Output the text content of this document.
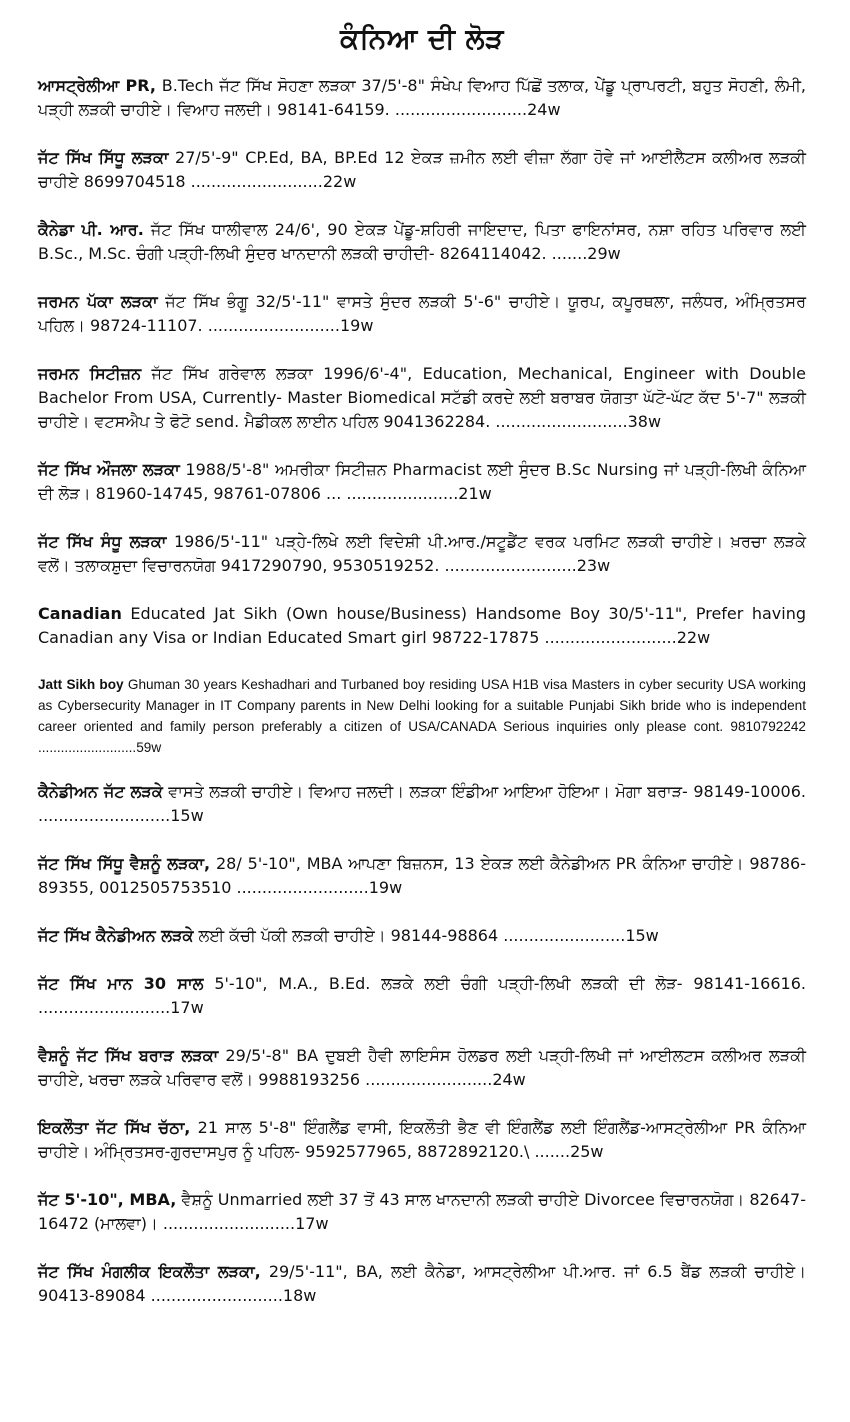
ਕੰਨਿਆ ਦੀ ਲੋੜ
ਆਸਟ੍ਰੇਲੀਆ PR, B.Tech ਜੱਟ ਸਿੱਖ ਸੋਹਣਾ ਲੜਕਾ 37/5'-8" ਸੰਖੇਪ ਵਿਆਹ ਪਿੱਛੋਂ ਤਲਾਕ, ਪੇਂਡੂ ਪ੍ਰਾਪਰਟੀ, ਬਹੁਤ ਸੋਹਣੀ, ਲੰਮੀ, ਪੜ੍ਹੀ ਲੜਕੀ ਚਾਹੀਏ। ਵਿਆਹ ਜਲਦੀ। 98141-64159. ..........................24w
ਜੱਟ ਸਿੱਖ ਸਿੱਧੂ ਲੜਕਾ 27/5'-9" CP.Ed, BA, BP.Ed 12 ਏਕੜ ਜ਼ਮੀਨ ਲਈ ਵੀਜ਼ਾ ਲੱਗਾ ਹੋਵੇ ਜਾਂ ਆਈਲੈਟਸ ਕਲੀਅਰ ਲੜਕੀ ਚਾਹੀਏ 8699704518 ..........................22w
ਕੈਨੇਡਾ ਪੀ. ਆਰ. ਜੱਟ ਸਿੱਖ ਧਾਲੀਵਾਲ 24/6', 90 ਏਕੜ ਪੇਂਡੂ-ਸ਼ਹਿਰੀ ਜਾਇਦਾਦ, ਪਿਤਾ ਫਾਇਨਾਂਸਰ, ਨਸ਼ਾ ਰਹਿਤ ਪਰਿਵਾਰ ਲਈ B.Sc., M.Sc. ਚੰਗੀ ਪੜ੍ਹੀ-ਲਿਖੀ ਸੁੰਦਰ ਖਾਨਦਾਨੀ ਲੜਕੀ ਚਾਹੀਦੀ- 8264114042. .......29w
ਜਰਮਨ ਪੱਕਾ ਲੜਕਾ ਜੱਟ ਸਿੱਖ ਭੰਗੂ 32/5'-11" ਵਾਸਤੇ ਸੁੰਦਰ ਲੜਕੀ 5'-6" ਚਾਹੀਏ। ਯੂਰਪ, ਕਪੂਰਥਲਾ, ਜਲੰਧਰ, ਅੰਮ੍ਰਿਤਸਰ ਪਹਿਲ। 98724-11107. ..........................19w
ਜਰਮਨ ਸਿਟੀਜ਼ਨ ਜੱਟ ਸਿੱਖ ਗਰੇਵਾਲ ਲੜਕਾ 1996/6'-4", Education, Mechanical, Engineer with Double Bachelor From USA, Currently- Master Biomedical ਸਟੱਡੀ ਕਰਦੇ ਲਈ ਬਰਾਬਰ ਯੋਗਤਾ ਘੱਟੋ-ਘੱਟ ਕੱਦ 5'-7" ਲੜਕੀ ਚਾਹੀਏ। ਵਟਸਐਪ ਤੇ ਫੋਟੋ send. ਮੈਡੀਕਲ ਲਾਈਨ ਪਹਿਲ 9041362284. ..........................38w
ਜੱਟ ਸਿੱਖ ਔਜਲਾ ਲੜਕਾ 1988/5'-8" ਅਮਰੀਕਾ ਸਿਟੀਜ਼ਨ Pharmacist ਲਈ ਸੁੰਦਰ B.Sc Nursing ਜਾਂ ਪੜ੍ਹੀ-ਲਿਖੀ ਕੰਨਿਆ ਦੀ ਲੋੜ। 81960-14745, 98761-07806 ... ......................21w
ਜੱਟ ਸਿੱਖ ਸੰਧੂ ਲੜਕਾ 1986/5'-11" ਪੜ੍ਹੇ-ਲਿਖੇ ਲਈ ਵਿਦੇਸ਼ੀ ਪੀ.ਆਰ./ਸਟੂਡੈਂਟ ਵਰਕ ਪਰਮਿਟ ਲੜਕੀ ਚਾਹੀਏ। ਖ਼ਰਚਾ ਲੜਕੇ ਵਲੋਂ। ਤਲਾਕਸ਼ੁਦਾ ਵਿਚਾਰਨਯੋਗ 9417290790, 9530519252. ..........................23w
Canadian Educated Jat Sikh (Own house/Business) Handsome Boy 30/5'-11", Prefer having Canadian any Visa or Indian Educated Smart girl 98722-17875 ..........................22w
Jatt Sikh boy Ghuman 30 years Keshadhari and Turbaned boy residing USA H1B visa Masters in cyber security USA working as Cybersecurity Manager in IT Company parents in New Delhi looking for a suitable Punjabi Sikh bride who is independent career oriented and family person preferably a citizen of USA/CANADA Serious inquiries only please cont. 9810792242 ..........................59w
ਕੈਨੇਡੀਅਨ ਜੱਟ ਲੜਕੇ ਵਾਸਤੇ ਲੜਕੀ ਚਾਹੀਏ। ਵਿਆਹ ਜਲਦੀ। ਲੜਕਾ ਇੰਡੀਆ ਆਇਆ ਹੋਇਆ। ਮੋਗਾ ਬਰਾੜ- 98149-10006. ..........................15w
ਜੱਟ ਸਿੱਖ ਸਿੱਧੂ ਵੈਸ਼ਨੂੰ ਲੜਕਾ, 28/ 5'-10", MBA ਆਪਣਾ ਬਿਜ਼ਨਸ, 13 ਏਕੜ ਲਈ ਕੈਨੇਡੀਅਨ PR ਕੰਨਿਆ ਚਾਹੀਏ। 98786-89355, 0012505753510 ..........................19w
ਜੱਟ ਸਿੱਖ ਕੈਨੇਡੀਅਨ ਲੜਕੇ ਲਈ ਕੱਚੀ ਪੱਕੀ ਲੜਕੀ ਚਾਹੀਏ। 98144-98864 ........................15w
ਜੱਟ ਸਿੱਖ ਮਾਨ 30 ਸਾਲ 5'-10", M.A., B.Ed. ਲੜਕੇ ਲਈ ਚੰਗੀ ਪੜ੍ਹੀ-ਲਿਖੀ ਲੜਕੀ ਦੀ ਲੋੜ- 98141-16616. ..........................17w
ਵੈਸ਼ਨੂੰ ਜੱਟ ਸਿੱਖ ਬਰਾੜ ਲੜਕਾ 29/5'-8" BA ਦੁਬਈ ਹੈਵੀ ਲਾਇਸੰਸ ਹੋਲਡਰ ਲਈ ਪੜ੍ਹੀ-ਲਿਖੀ ਜਾਂ ਆਈਲਟਸ ਕਲੀਅਰ ਲੜਕੀ ਚਾਹੀਏ, ਖਰਚਾ ਲੜਕੇ ਪਰਿਵਾਰ ਵਲੋਂ। 9988193256 .........................24w
ਇਕਲੌਤਾ ਜੱਟ ਸਿੱਖ ਚੱਠਾ, 21 ਸਾਲ 5'-8" ਇੰਗਲੈਂਡ ਵਾਸੀ, ਇਕਲੌਤੀ ਭੈਣ ਵੀ ਇੰਗਲੈਂਡ ਲਈ ਇੰਗਲੈਂਡ-ਆਸਟ੍ਰੇਲੀਆ PR ਕੰਨਿਆ ਚਾਹੀਏ। ਅੰਮ੍ਰਿਤਸਰ-ਗੁਰਦਾਸਪੁਰ ਨੂੰ ਪਹਿਲ- 9592577965, 8872892120.\ .......25w
ਜੱਟ 5'-10", MBA, ਵੈਸ਼ਨੂੰ Unmarried ਲਈ 37 ਤੋਂ 43 ਸਾਲ ਖਾਨਦਾਨੀ ਲੜਕੀ ਚਾਹੀਏ Divorcee ਵਿਚਾਰਨਯੋਗ। 82647-16472 (ਮਾਲਵਾ)। ..........................17w
ਜੱਟ ਸਿੱਖ ਮੰਗਲੀਕ ਇਕਲੌਤਾ ਲੜਕਾ, 29/5'-11", BA, ਲਈ ਕੈਨੇਡਾ, ਆਸਟ੍ਰੇਲੀਆ ਪੀ.ਆਰ. ਜਾਂ 6.5 ਬੈਂਡ ਲੜਕੀ ਚਾਹੀਏ। 90413-89084 ..........................18w
